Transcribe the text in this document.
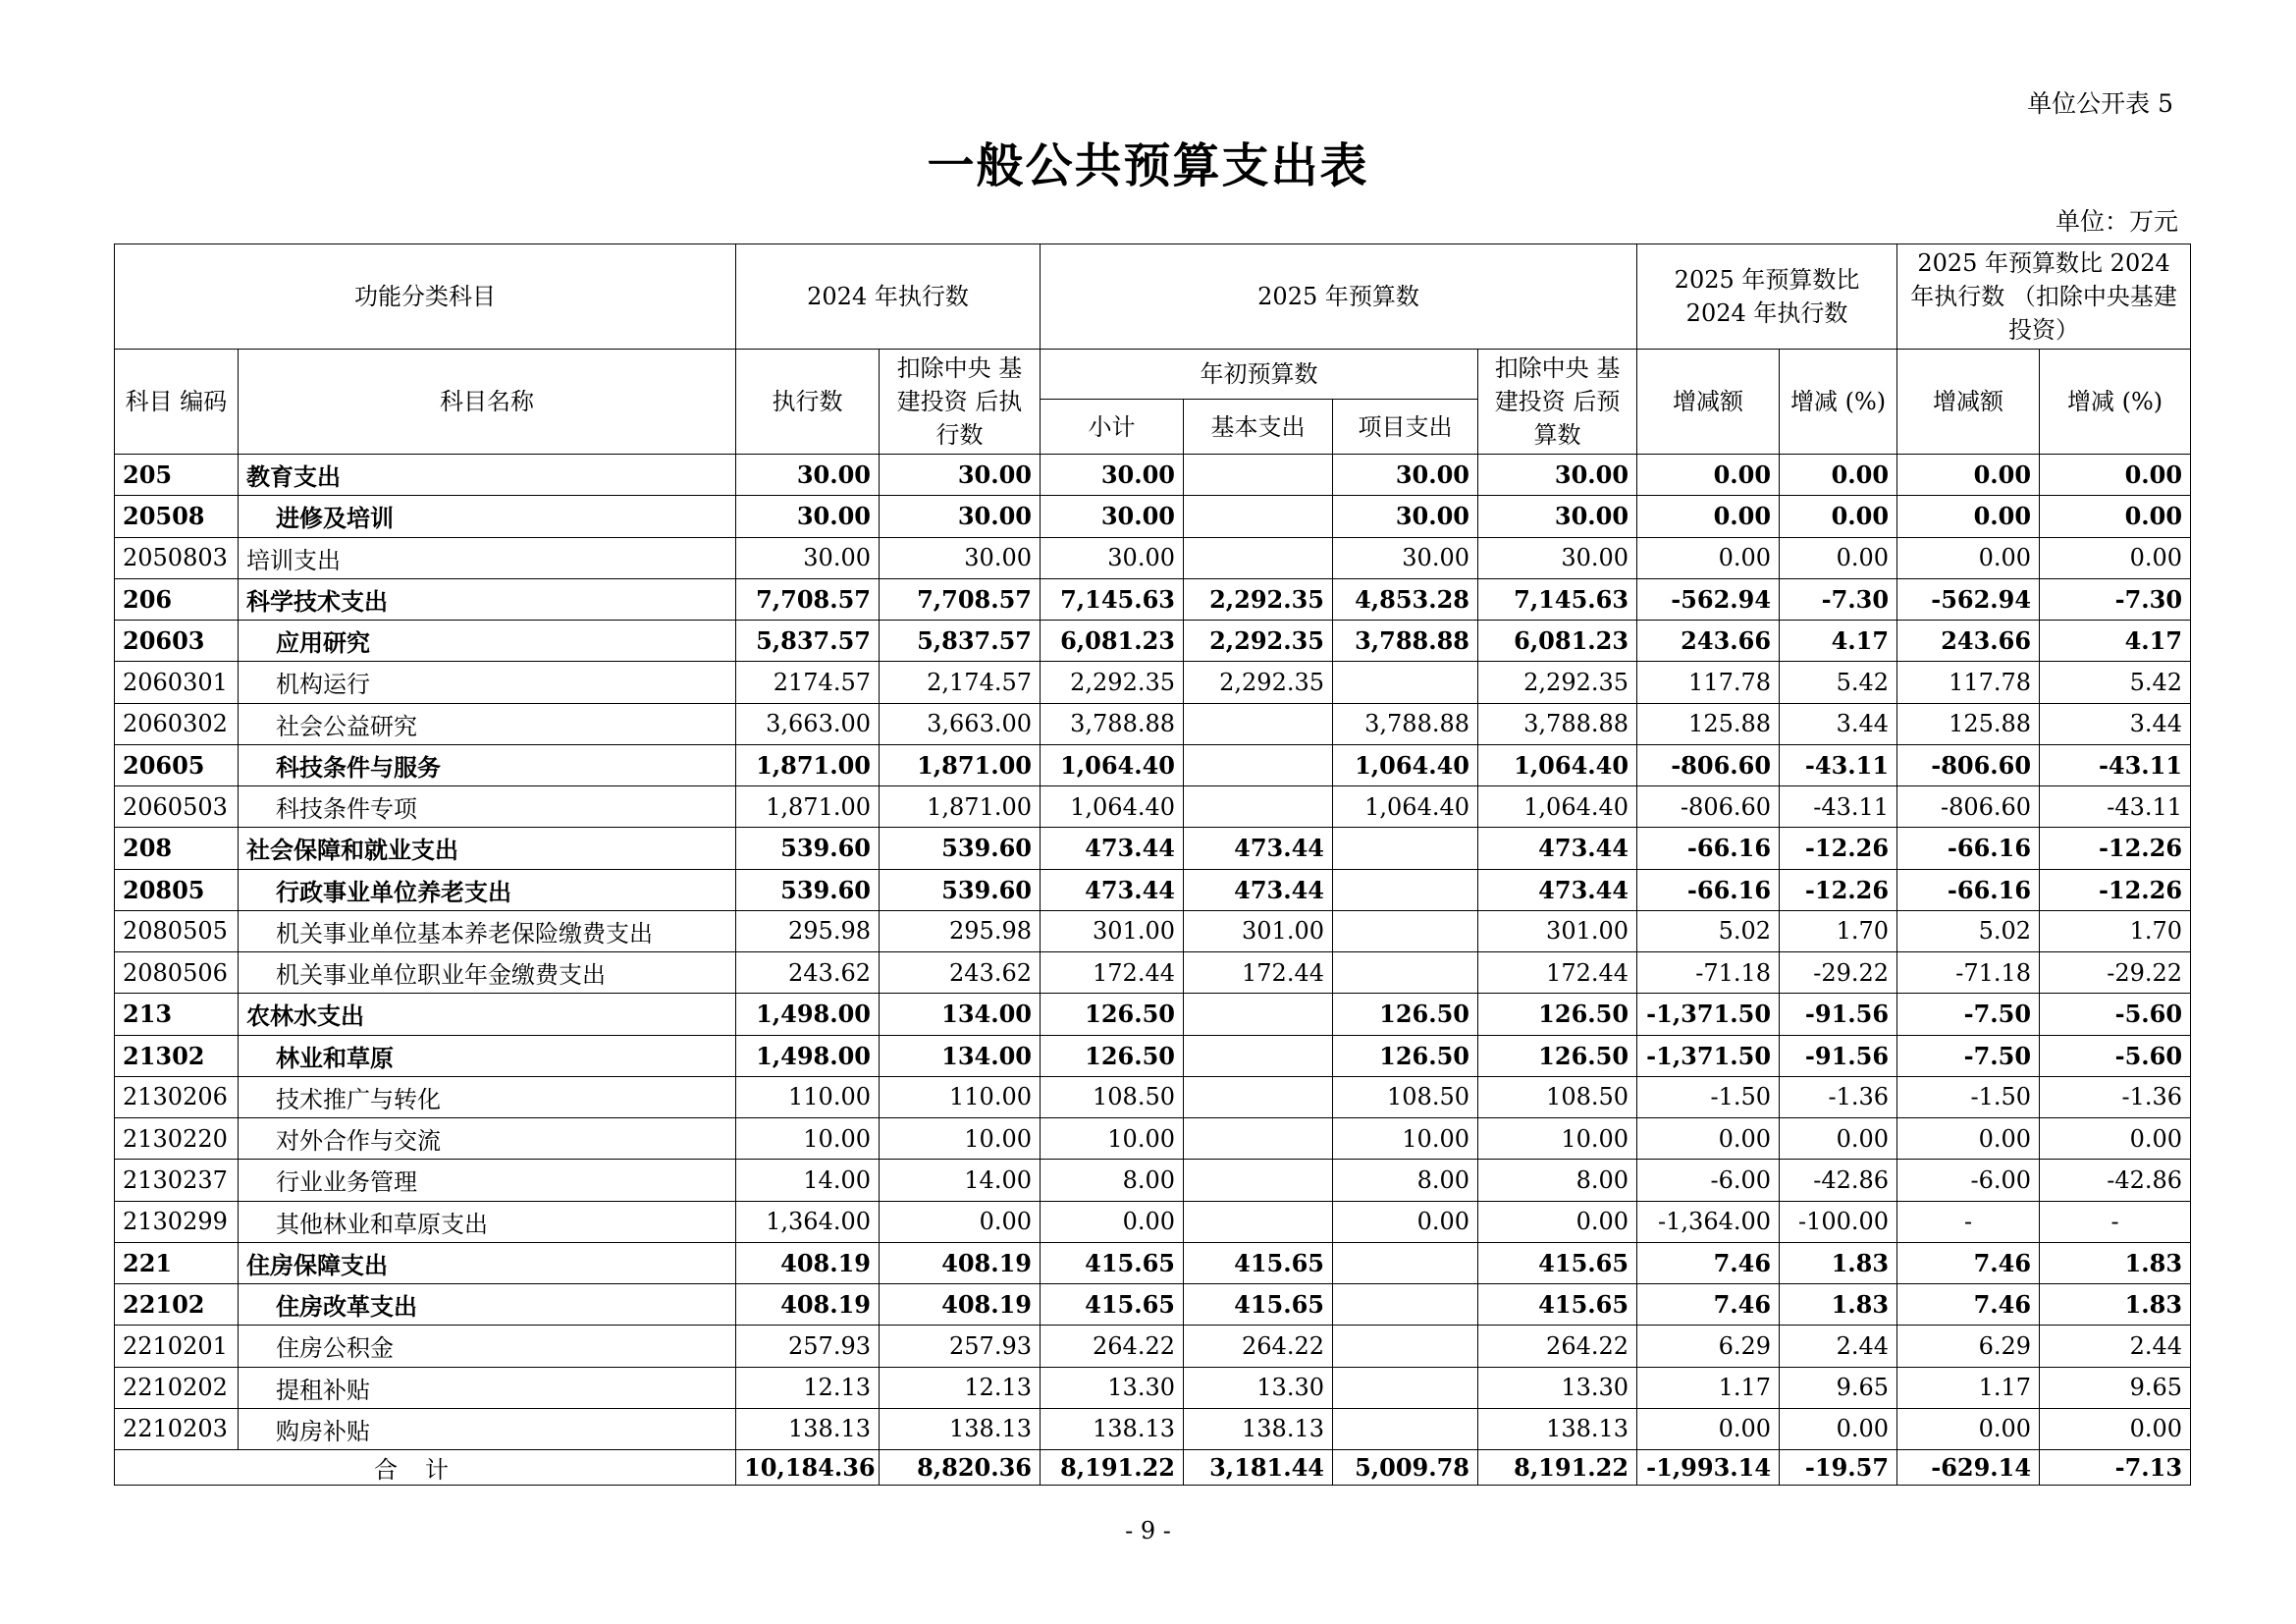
单位公开表 5
一般公共预算支出表
单位：万元
功能分类科目		2024 年执行数		2025 年预算数				2025 年预算数比 2024 年执行数		2025 年预算数比 2024 年执行数 （扣除中央基建投资）	
科目 编码	科目名称	执行数	扣除中央 基建投资 后执行数	年初预算数			扣除中央 基建投资 后预算数	增减额	增减 (%)	增减额	增减 (%)
				小计	基本支出	项目支出					
205	教育支出	30.00	30.00	30.00		30.00	30.00	0.00	0.00	0.00	0.00
20508	进修及培训	30.00	30.00	30.00		30.00	30.00	0.00	0.00	0.00	0.00
2050803	培训支出	30.00	30.00	30.00		30.00	30.00	0.00	0.00	0.00	0.00
206	科学技术支出	7,708.57	7,708.57	7,145.63	2,292.35	4,853.28	7,145.63	-562.94	-7.30	-562.94	-7.30
20603	应用研究	5,837.57	5,837.57	6,081.23	2,292.35	3,788.88	6,081.23	243.66	4.17	243.66	4.17
2060301	机构运行	2174.57	2,174.57	2,292.35	2,292.35		2,292.35	117.78	5.42	117.78	5.42
2060302	社会公益研究	3,663.00	3,663.00	3,788.88		3,788.88	3,788.88	125.88	3.44	125.88	3.44
20605	科技条件与服务	1,871.00	1,871.00	1,064.40		1,064.40	1,064.40	-806.60	-43.11	-806.60	-43.11
2060503	科技条件专项	1,871.00	1,871.00	1,064.40		1,064.40	1,064.40	-806.60	-43.11	-806.60	-43.11
208	社会保障和就业支出	539.60	539.60	473.44	473.44		473.44	-66.16	-12.26	-66.16	-12.26
20805	行政事业单位养老支出	539.60	539.60	473.44	473.44		473.44	-66.16	-12.26	-66.16	-12.26
2080505	机关事业单位基本养老保险缴费支出	295.98	295.98	301.00	301.00		301.00	5.02	1.70	5.02	1.70
2080506	机关事业单位职业年金缴费支出	243.62	243.62	172.44	172.44		172.44	-71.18	-29.22	-71.18	-29.22
213	农林水支出	1,498.00	134.00	126.50		126.50	126.50	-1,371.50	-91.56	-7.50	-5.60
21302	林业和草原	1,498.00	134.00	126.50		126.50	126.50	-1,371.50	-91.56	-7.50	-5.60
2130206	技术推广与转化	110.00	110.00	108.50		108.50	108.50	-1.50	-1.36	-1.50	-1.36
2130220	对外合作与交流	10.00	10.00	10.00		10.00	10.00	0.00	0.00	0.00	0.00
2130237	行业业务管理	14.00	14.00	8.00		8.00	8.00	-6.00	-42.86	-6.00	-42.86
2130299	其他林业和草原支出	1,364.00	0.00	0.00		0.00	0.00	-1,364.00	-100.00	-	-
221	住房保障支出	408.19	408.19	415.65	415.65		415.65	7.46	1.83	7.46	1.83
22102	住房改革支出	408.19	408.19	415.65	415.65		415.65	7.46	1.83	7.46	1.83
2210201	住房公积金	257.93	257.93	264.22	264.22		264.22	6.29	2.44	6.29	2.44
2210202	提租补贴	12.13	12.13	13.30	13.30		13.30	1.17	9.65	1.17	9.65
2210203	购房补贴	138.13	138.13	138.13	138.13		138.13	0.00	0.00	0.00	0.00
合计		10,184.36	8,820.36	8,191.22	3,181.44	5,009.78	8,191.22	-1,993.14	-19.57	-629.14	-7.13
- 9 -
